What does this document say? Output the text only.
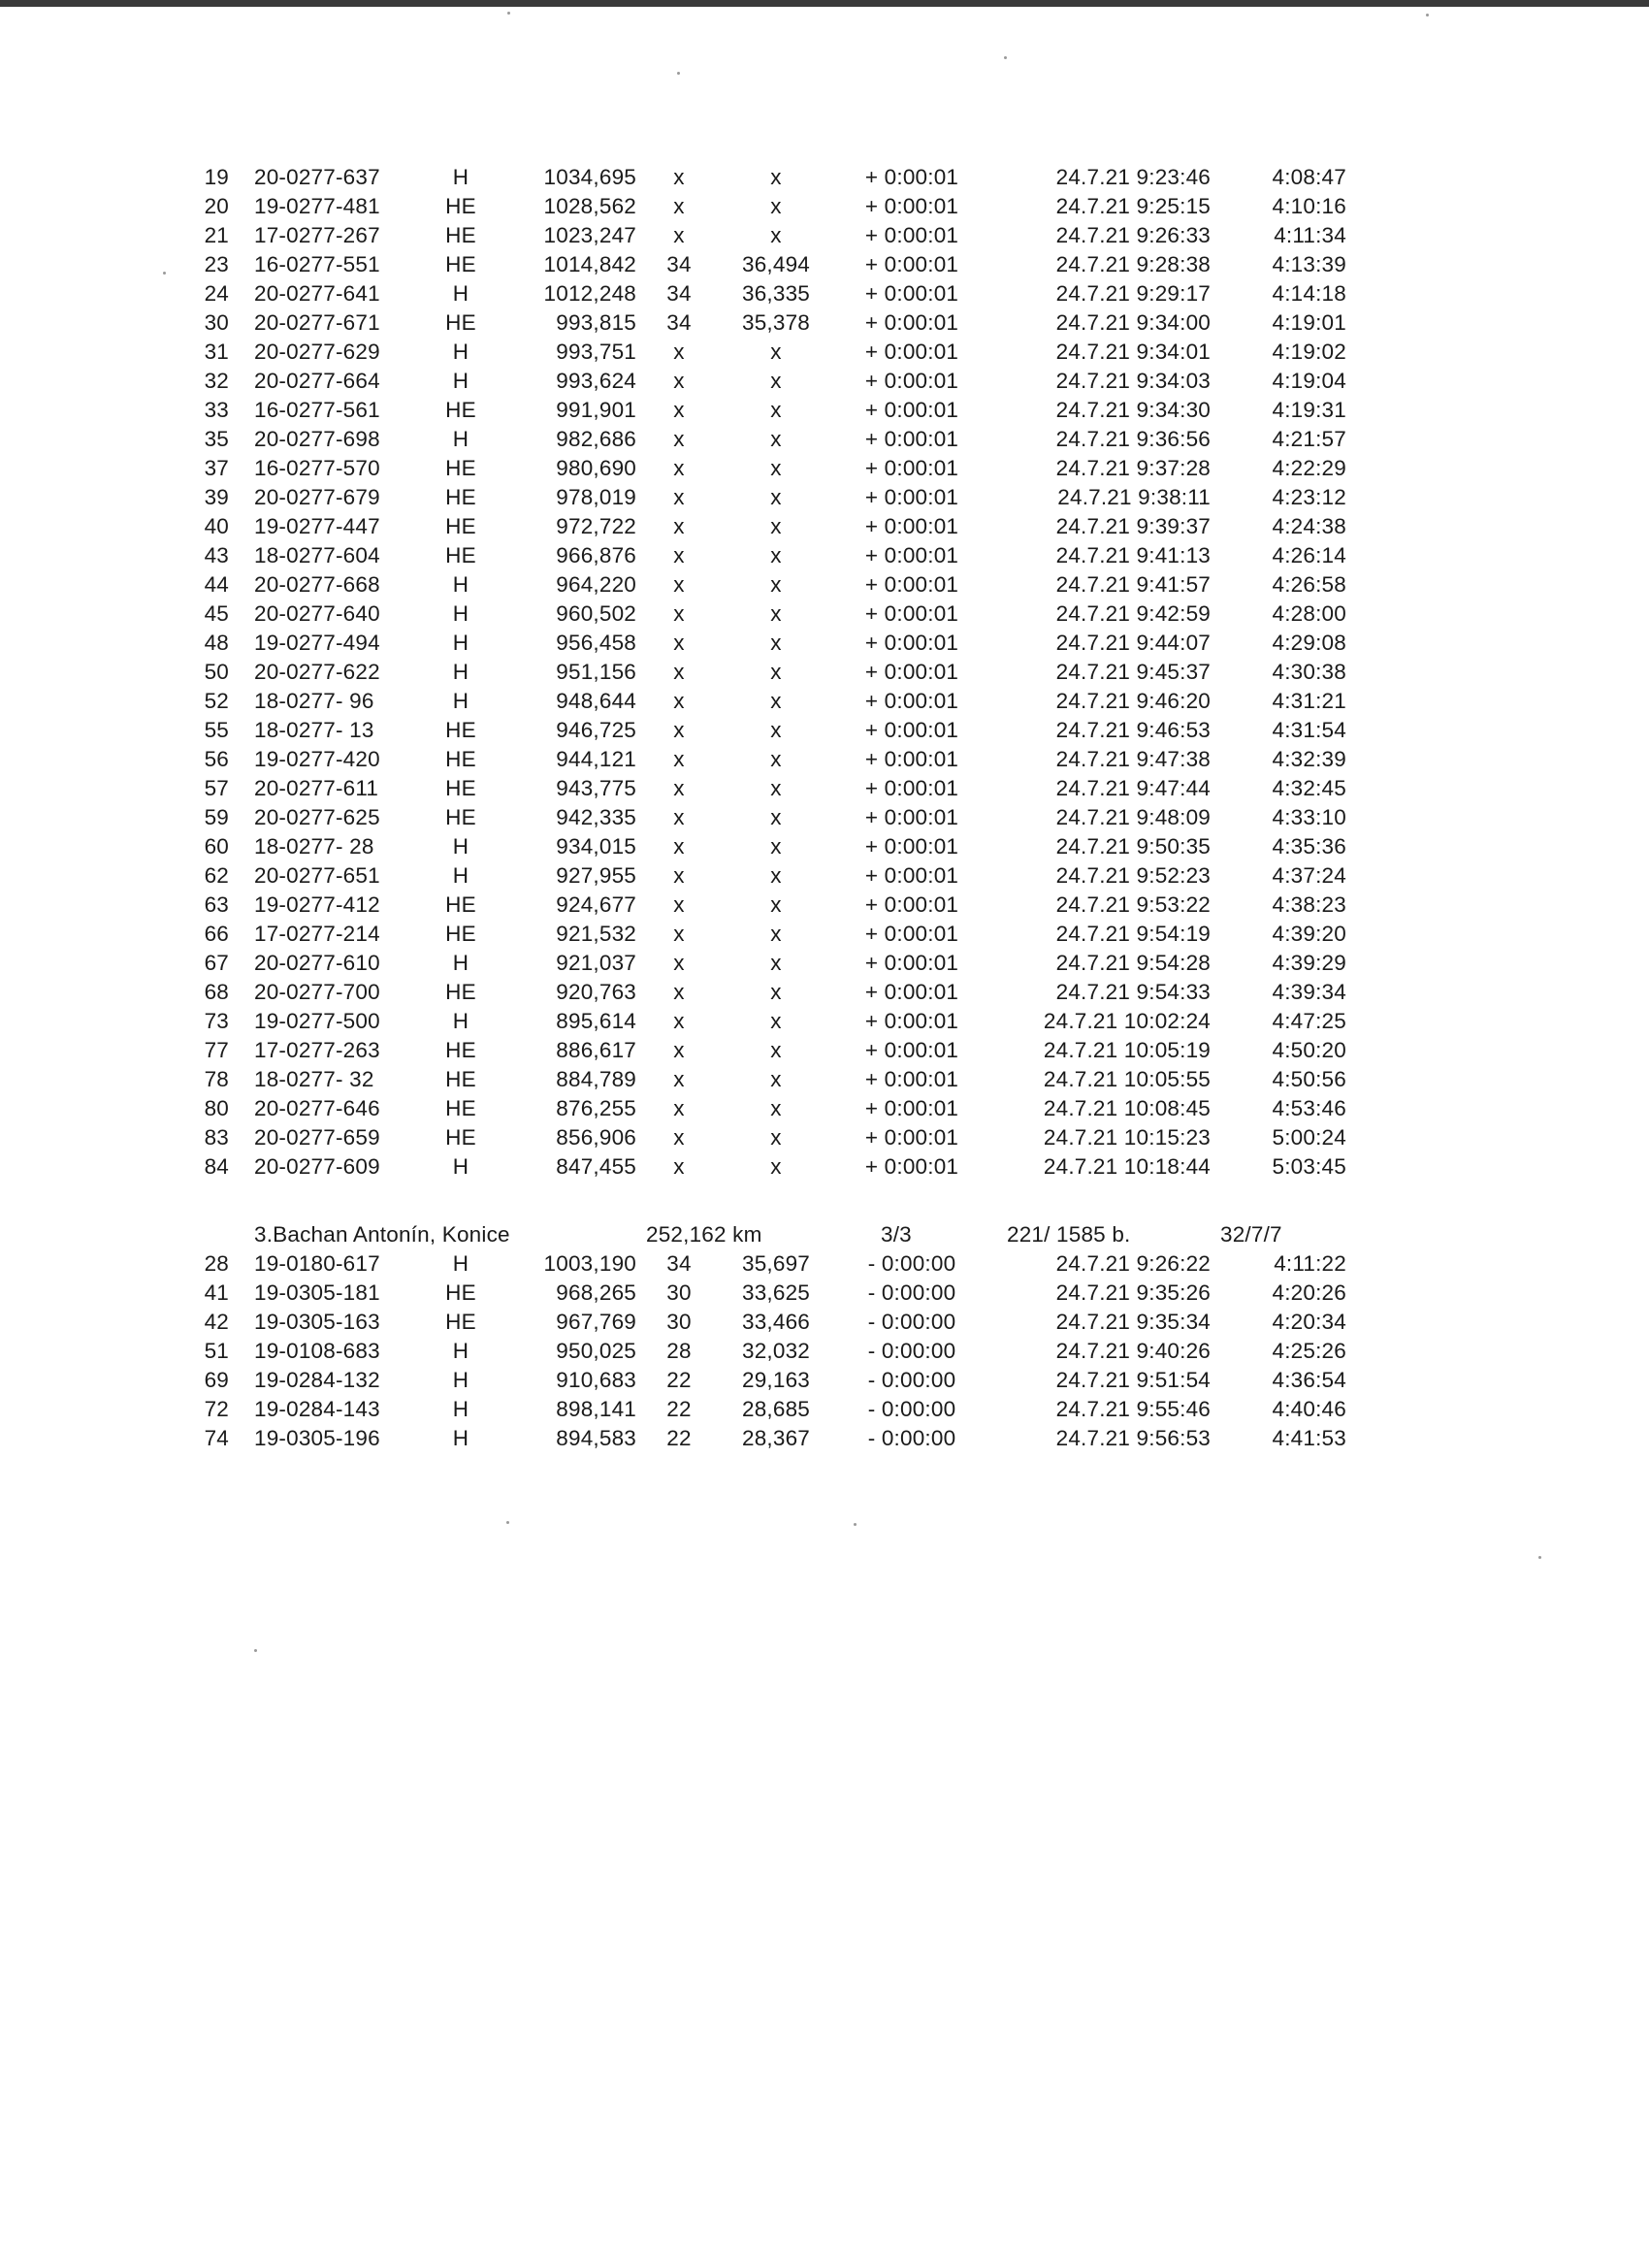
19 20-0277-637	H	1034,695	x	x	+ 0:00:01	24.7.21 9:23:46	4:08:47
20 19-0277-481	HE	1028,562	x	x	+ 0:00:01	24.7.21 9:25:15	4:10:16
21 17-0277-267	HE	1023,247	x	x	+ 0:00:01	24.7.21 9:26:33	4:11:34
23 16-0277-551	HE	1014,842	34	36,494	+ 0:00:01	24.7.21 9:28:38	4:13:39
24 20-0277-641	H	1012,248	34	36,335	+ 0:00:01	24.7.21 9:29:17	4:14:18
30 20-0277-671	HE	993,815	34	35,378	+ 0:00:01	24.7.21 9:34:00	4:19:01
31 20-0277-629	H	993,751	x	x	+ 0:00:01	24.7.21 9:34:01	4:19:02
32 20-0277-664	H	993,624	x	x	+ 0:00:01	24.7.21 9:34:03	4:19:04
33 16-0277-561	HE	991,901	x	x	+ 0:00:01	24.7.21 9:34:30	4:19:31
35 20-0277-698	H	982,686	x	x	+ 0:00:01	24.7.21 9:36:56	4:21:57
37 16-0277-570	HE	980,690	x	x	+ 0:00:01	24.7.21 9:37:28	4:22:29
39 20-0277-679	HE	978,019	x	x	+ 0:00:01	24.7.21 9:38:11	4:23:12
40 19-0277-447	HE	972,722	x	x	+ 0:00:01	24.7.21 9:39:37	4:24:38
43 18-0277-604	HE	966,876	x	x	+ 0:00:01	24.7.21 9:41:13	4:26:14
44 20-0277-668	H	964,220	x	x	+ 0:00:01	24.7.21 9:41:57	4:26:58
45 20-0277-640	H	960,502	x	x	+ 0:00:01	24.7.21 9:42:59	4:28:00
48 19-0277-494	H	956,458	x	x	+ 0:00:01	24.7.21 9:44:07	4:29:08
50 20-0277-622	H	951,156	x	x	+ 0:00:01	24.7.21 9:45:37	4:30:38
52 18-0277- 96	H	948,644	x	x	+ 0:00:01	24.7.21 9:46:20	4:31:21
55 18-0277- 13	HE	946,725	x	x	+ 0:00:01	24.7.21 9:46:53	4:31:54
56 19-0277-420	HE	944,121	x	x	+ 0:00:01	24.7.21 9:47:38	4:32:39
57 20-0277-611	HE	943,775	x	x	+ 0:00:01	24.7.21 9:47:44	4:32:45
59 20-0277-625	HE	942,335	x	x	+ 0:00:01	24.7.21 9:48:09	4:33:10
60 18-0277- 28	H	934,015	x	x	+ 0:00:01	24.7.21 9:50:35	4:35:36
62 20-0277-651	H	927,955	x	x	+ 0:00:01	24.7.21 9:52:23	4:37:24
63 19-0277-412	HE	924,677	x	x	+ 0:00:01	24.7.21 9:53:22	4:38:23
66 17-0277-214	HE	921,532	x	x	+ 0:00:01	24.7.21 9:54:19	4:39:20
67 20-0277-610	H	921,037	x	x	+ 0:00:01	24.7.21 9:54:28	4:39:29
68 20-0277-700	HE	920,763	x	x	+ 0:00:01	24.7.21 9:54:33	4:39:34
73 19-0277-500	H	895,614	x	x	+ 0:00:01	24.7.21 10:02:24	4:47:25
77 17-0277-263	HE	886,617	x	x	+ 0:00:01	24.7.21 10:05:19	4:50:20
78 18-0277- 32	HE	884,789	x	x	+ 0:00:01	24.7.21 10:05:55	4:50:56
80 20-0277-646	HE	876,255	x	x	+ 0:00:01	24.7.21 10:08:45	4:53:46
83 20-0277-659	HE	856,906	x	x	+ 0:00:01	24.7.21 10:15:23	5:00:24
84 20-0277-609	H	847,455	x	x	+ 0:00:01	24.7.21 10:18:44	5:03:45
3.Bachan Antonín, Konice	252,162 km	3/3	221/ 1585 b.	32/7/7
28 19-0180-617	H	1003,190	34	35,697	- 0:00:00	24.7.21 9:26:22	4:11:22
41 19-0305-181	HE	968,265	30	33,625	- 0:00:00	24.7.21 9:35:26	4:20:26
42 19-0305-163	HE	967,769	30	33,466	- 0:00:00	24.7.21 9:35:34	4:20:34
51 19-0108-683	H	950,025	28	32,032	- 0:00:00	24.7.21 9:40:26	4:25:26
69 19-0284-132	H	910,683	22	29,163	- 0:00:00	24.7.21 9:51:54	4:36:54
72 19-0284-143	H	898,141	22	28,685	- 0:00:00	24.7.21 9:55:46	4:40:46
74 19-0305-196	H	894,583	22	28,367	- 0:00:00	24.7.21 9:56:53	4:41:53
